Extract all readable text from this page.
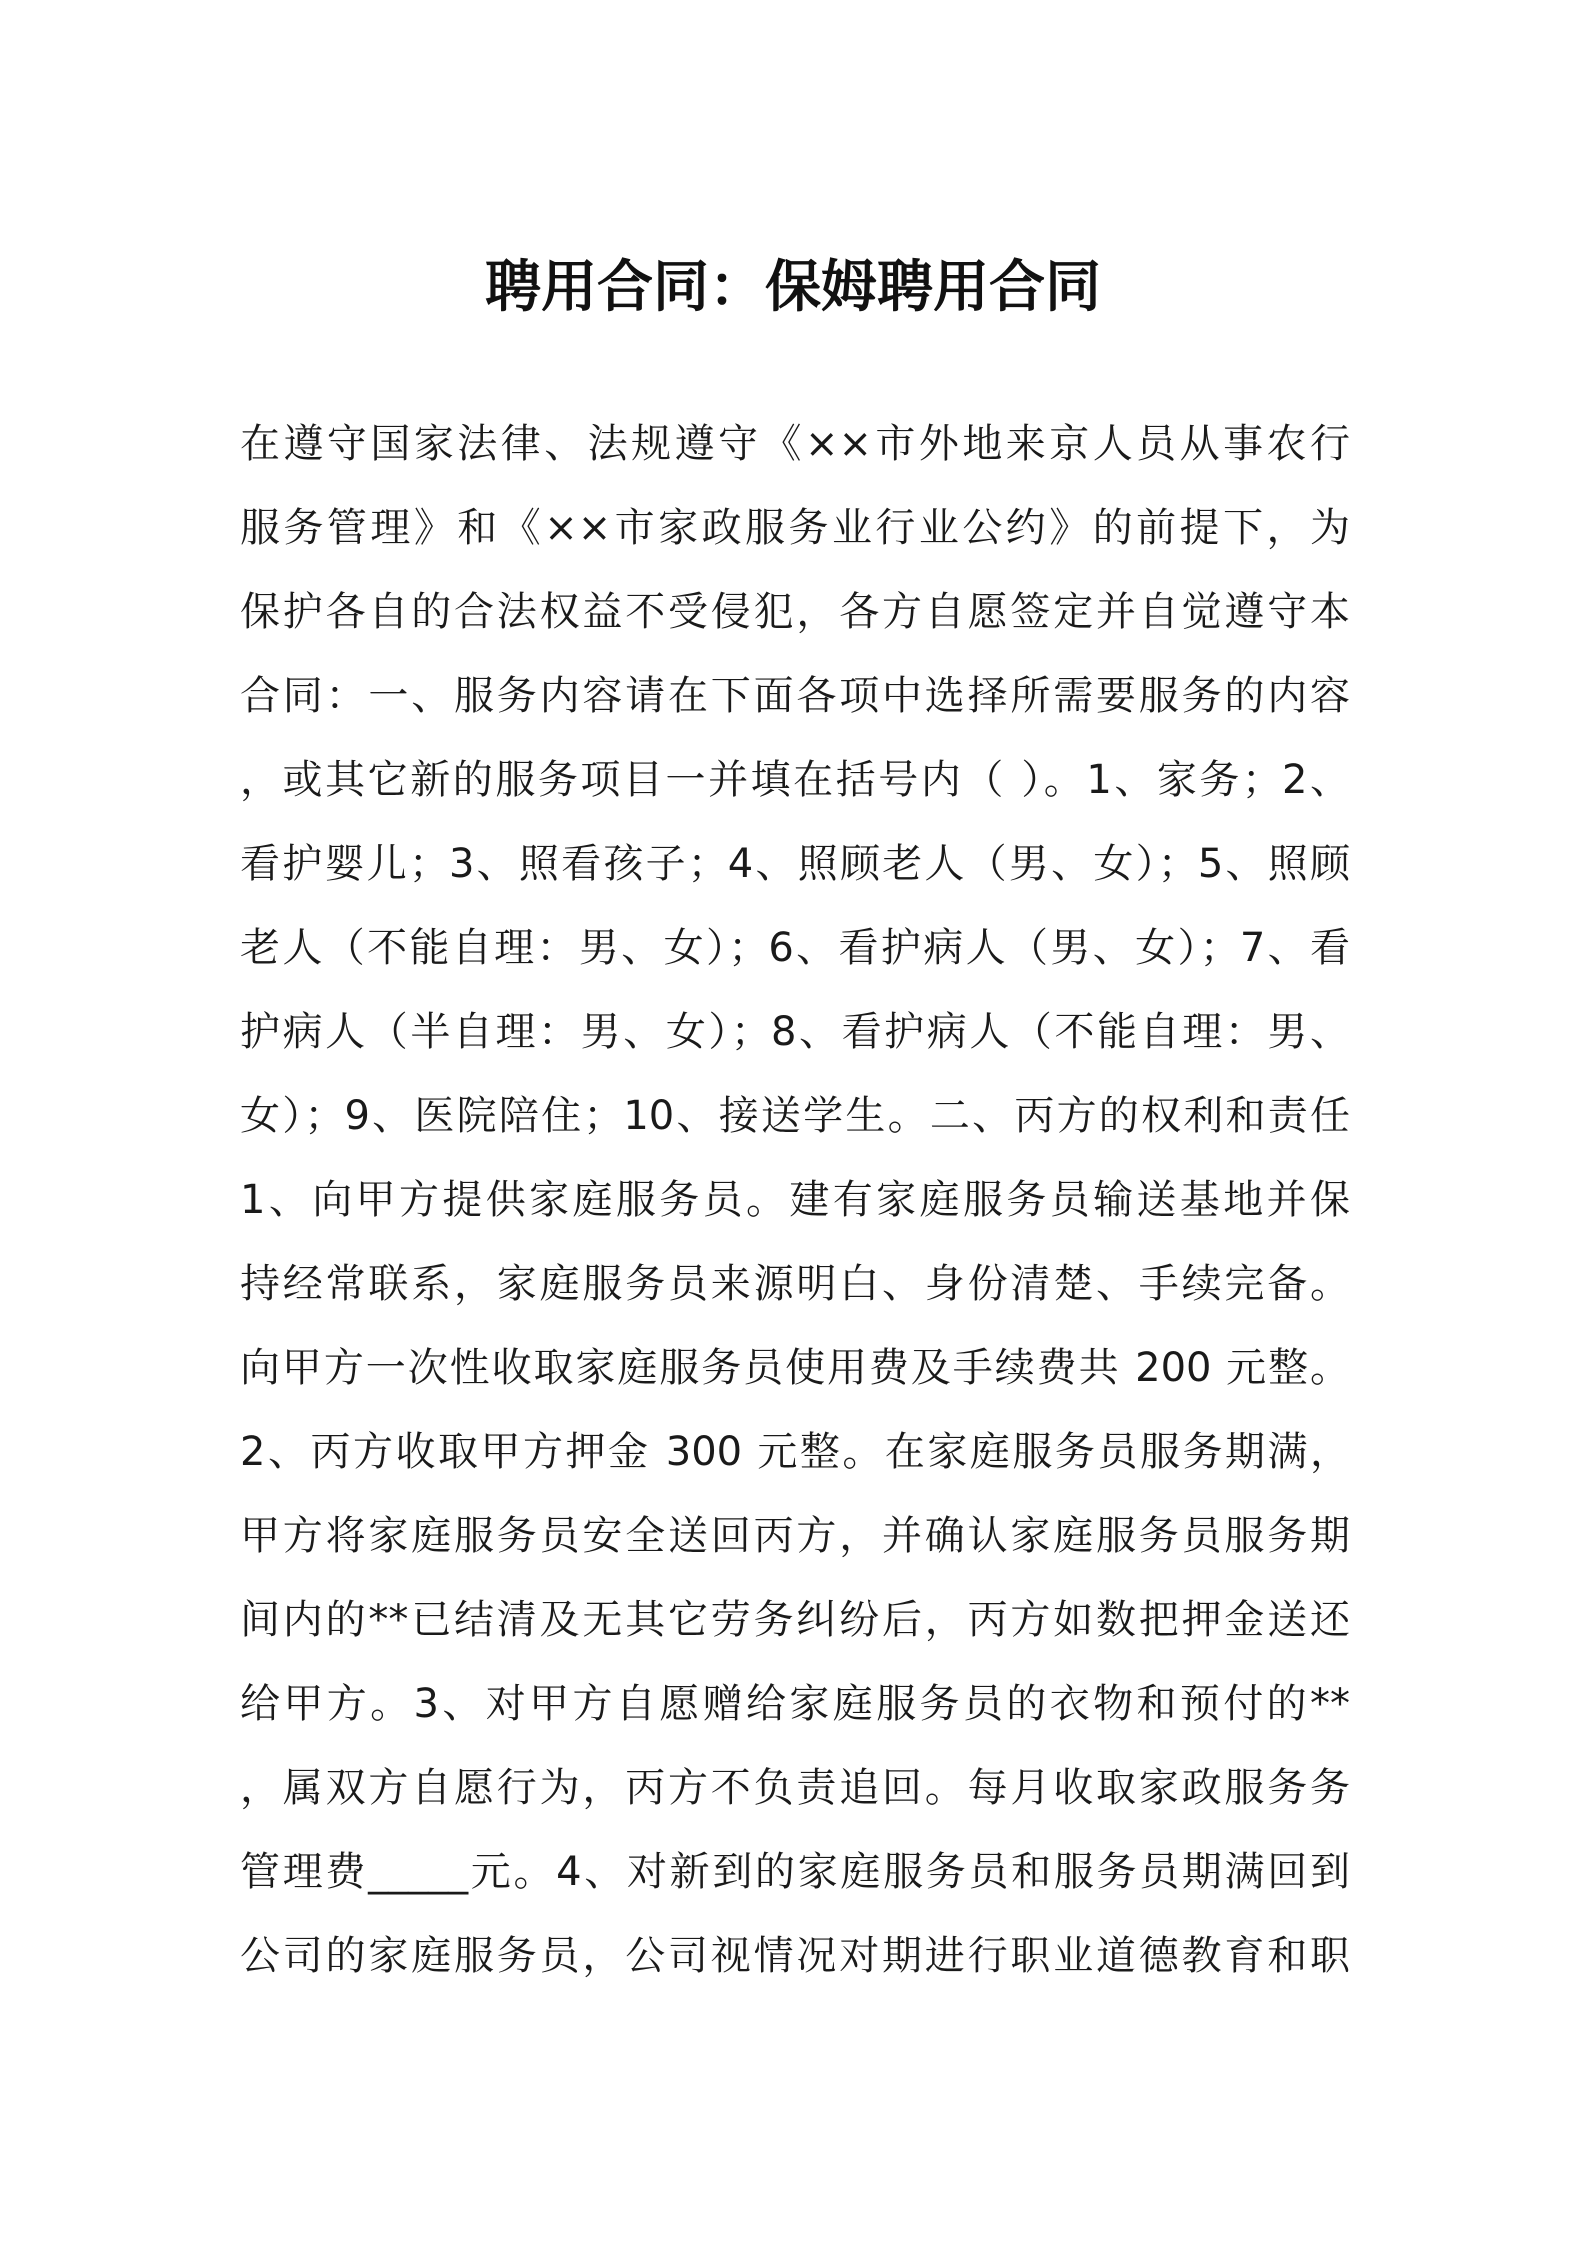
聘用合同：保姆聘用合同
在遵守国家法律、法规遵守《××市外地来京人员从事农行
服务管理》和《××市家政服务业行业公约》的前提下，为
保护各自的合法权益不受侵犯，各方自愿签定并自觉遵守本
合同：一、服务内容请在下面各项中选择所需要服务的内容
，或其它新的服务项目一并填在括号内（ ）。1、家务；2、
看护婴儿；3、照看孩子；4、照顾老人（男、女）；5、照顾
老人（不能自理：男、女）；6、看护病人（男、女）；7、看
护病人（半自理：男、女）；8、看护病人（不能自理：男、
女）；9、医院陪住；10、接送学生。二、丙方的权利和责任
1、向甲方提供家庭服务员。建有家庭服务员输送基地并保
持经常联系，家庭服务员来源明白、身份清楚、手续完备。
向甲方一次性收取家庭服务员使用费及手续费共 200 元整。
2、丙方收取甲方押金 300 元整。在家庭服务员服务期满，
甲方将家庭服务员安全送回丙方，并确认家庭服务员服务期
间内的**已结清及无其它劳务纠纷后，丙方如数把押金送还
给甲方。3、对甲方自愿赠给家庭服务员的衣物和预付的**
，属双方自愿行为，丙方不负责追回。每月收取家政服务务
管理费_____元。4、对新到的家庭服务员和服务员期满回到
公司的家庭服务员，公司视情况对期进行职业道德教育和职
